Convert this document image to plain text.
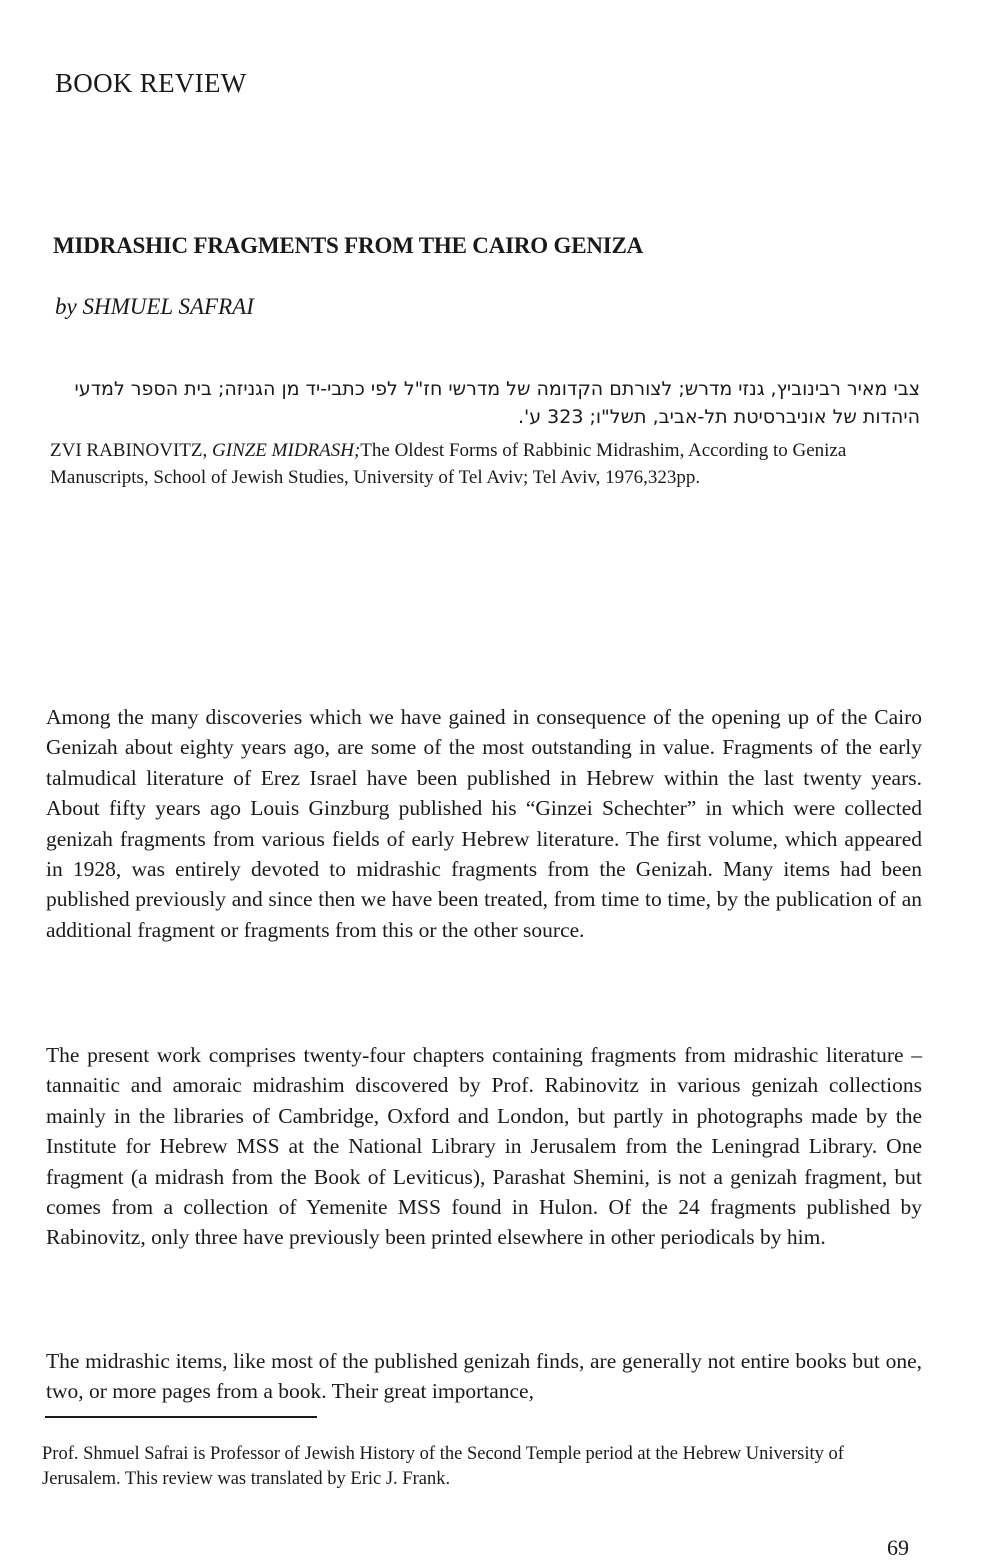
BOOK REVIEW
MIDRASHIC FRAGMENTS FROM THE CAIRO GENIZA

by SHMUEL SAFRAI

צבי מאיר רבינוביץ, גנזי מדרש; לצורתם הקדומה של מדרשי חז"ל לפי כתבי-יד מן הגניזה; בית הספר למדעי היהדות של אוניברסיטת תל-אביב, תשל"ו; 323 ע'.

ZVI RABINOVITZ, GINZE MIDRASH;The Oldest Forms of Rabbinic Midrashim, According to Geniza Manuscripts, School of Jewish Studies, University of Tel Aviv; Tel Aviv, 1976,323pp.

Among the many discoveries which we have gained in consequence of the opening up of the Cairo Genizah about eighty years ago, are some of the most outstanding in value. Fragments of the early talmudical literature of Erez Israel have been published in Hebrew within the last twenty years. About fifty years ago Louis Ginzburg published his “Ginzei Schechter” in which were collected genizah fragments from various fields of early Hebrew literature. The first volume, which appeared in 1928, was entirely devoted to midrashic fragments from the Genizah. Many items had been published previously and since then we have been treated, from time to time, by the publication of an additional fragment or fragments from this or the other source.

The present work comprises twenty-four chapters containing fragments from midrashic literature – tannaitic and amoraic midrashim discovered by Prof. Rabinovitz in various genizah collections mainly in the libraries of Cambridge, Oxford and London, but partly in photographs made by the Institute for Hebrew MSS at the National Library in Jerusalem from the Leningrad Library. One fragment (a midrash from the Book of Leviticus), Parashat Shemini, is not a genizah fragment, but comes from a collection of Yemenite MSS found in Hulon. Of the 24 fragments published by Rabinovitz, only three have previously been printed elsewhere in other periodicals by him.

The midrashic items, like most of the published genizah finds, are generally not entire books but one, two, or more pages from a book. Their great importance,

Prof. Shmuel Safrai is Professor of Jewish History of the Second Temple period at the Hebrew University of Jerusalem. This review was translated by Eric J. Frank.

69
